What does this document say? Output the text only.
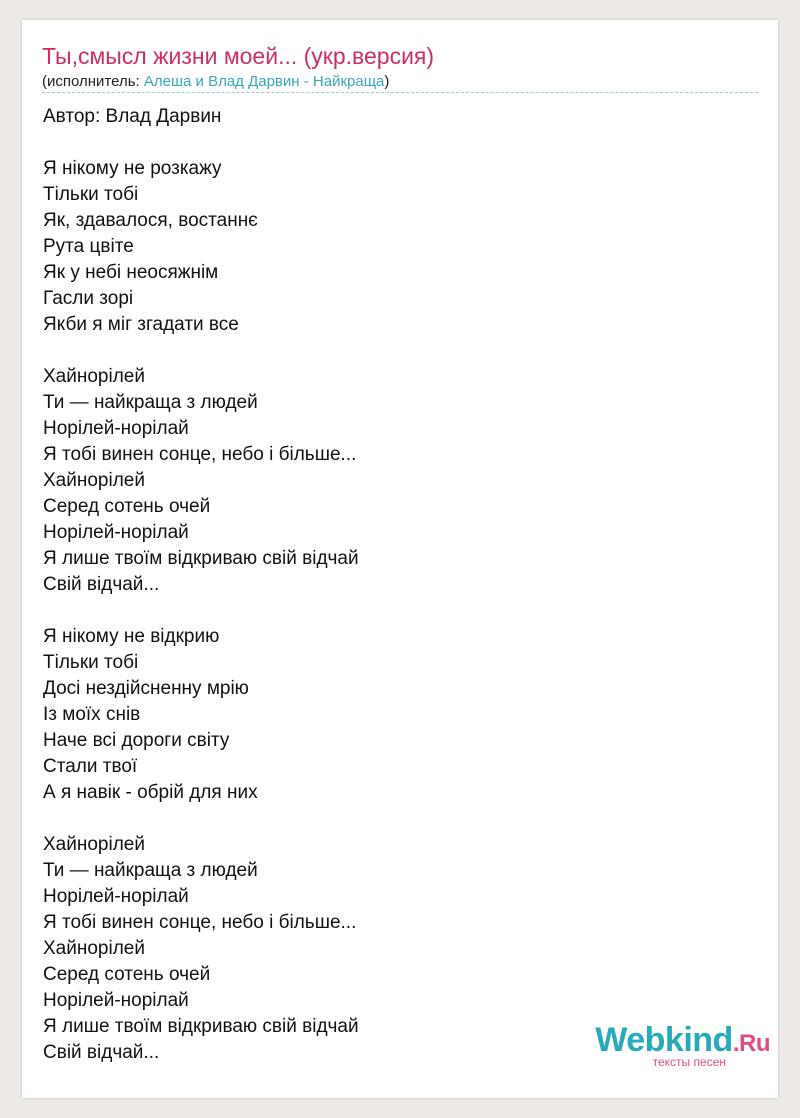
Ты,смысл жизни моей... (укр.версия)
(исполнитель: Алеша и Влад Дарвин - Найкраща)
Автор: Влад Дарвин
Я нікому не розкажу
Тільки тобі
Як, здавалося, востаннє
Рута цвіте
Як у небі неосяжнім
Гасли зорі
Якби я міг згадати все
Хайнорілей
Ти — найкраща з людей
Норілей-норілай
Я тобі винен сонце, небо і більше...
Хайнорілей
Серед сотень очей
Норілей-норілай
Я лише твоїм відкриваю свій відчай
Свій відчай...
Я нікому не відкрию
Тільки тобі
Досі нездійсненну мрію
Із моїх снів
Наче всі дороги світу
Стали твої
А я навік - обрій для них
Хайнорілей
Ти — найкраща з людей
Норілей-норілай
Я тобі винен сонце, небо і більше...
Хайнорілей
Серед сотень очей
Норілей-норілай
Я лише твоїм відкриваю свій відчай
Свій відчай...	Webkind.Ru
тексты песен
